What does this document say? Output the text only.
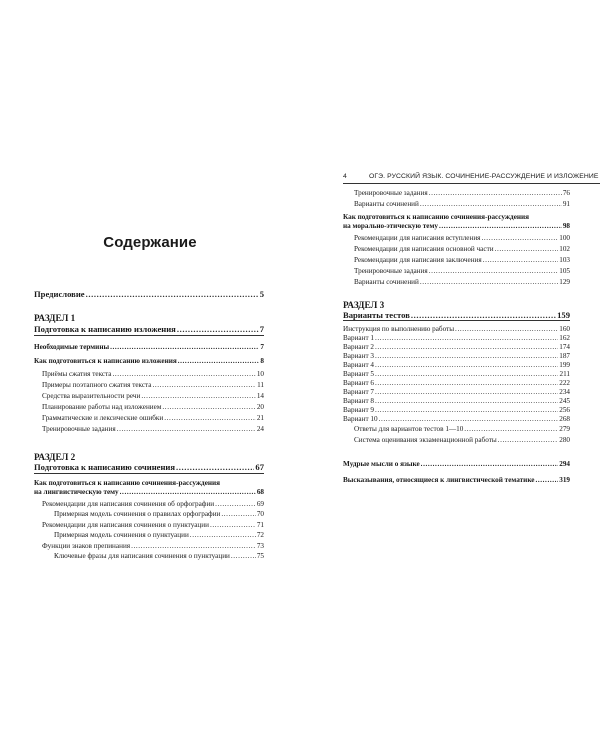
Содержание
Предисловие .....	5
РАЗДЕЛ 1
Подготовка к написанию изложения .....	7
Необходимые термины .....	7
Как подготовиться к написанию изложения .....	8
Приёмы сжатия текста .....	10
Примеры поэтапного сжатия текста .....	11
Средства выразительности речи .....	14
Планирование работы над изложением .....	20
Грамматические и лексические ошибки .....	21
Тренировочные задания .....	24
РАЗДЕЛ 2
Подготовка к написанию сочинения .....	67
Как подготовиться к написанию сочинения-рассуждения
на лингвистическую тему .....	68
Рекомендации для написания сочинения об орфографии .....	69
Примерная модель сочинения о правилах орфографии .....	70
Рекомендации для написания сочинения о пунктуации .....	71
Примерная модель сочинения о пунктуации .....	72
Функции знаков препинания .....	73
Ключевые фразы для написания сочинения о пунктуации .....	75
4	ОГЭ. РУССКИЙ ЯЗЫК. СОЧИНЕНИЕ-РАССУЖДЕНИЕ И ИЗЛОЖЕНИЕ
Тренировочные задания .....	76
Варианты сочинений .....	91
Как подготовиться к написанию сочинения-рассуждения
на морально-этическую тему .....	98
Рекомендации для написания вступления .....	100
Рекомендации для написания основной части .....	102
Рекомендации для написания заключения .....	103
Тренировочные задания .....	105
Варианты сочинений .....	129
РАЗДЕЛ 3
Варианты тестов .....	159
Инструкция по выполнению работы .....	160
Вариант 1 .....	162
Вариант 2 .....	174
Вариант 3 .....	187
Вариант 4 .....	199
Вариант 5 .....	211
Вариант 6 .....	222
Вариант 7 .....	234
Вариант 8 .....	245
Вариант 9 .....	256
Вариант 10 .....	268
Ответы для вариантов тестов 1—10 .....	279
Система оценивания экзаменационной работы .....	280
Мудрые мысли о языке .....	294
Высказывания, относящиеся к лингвистической тематике .....	319
